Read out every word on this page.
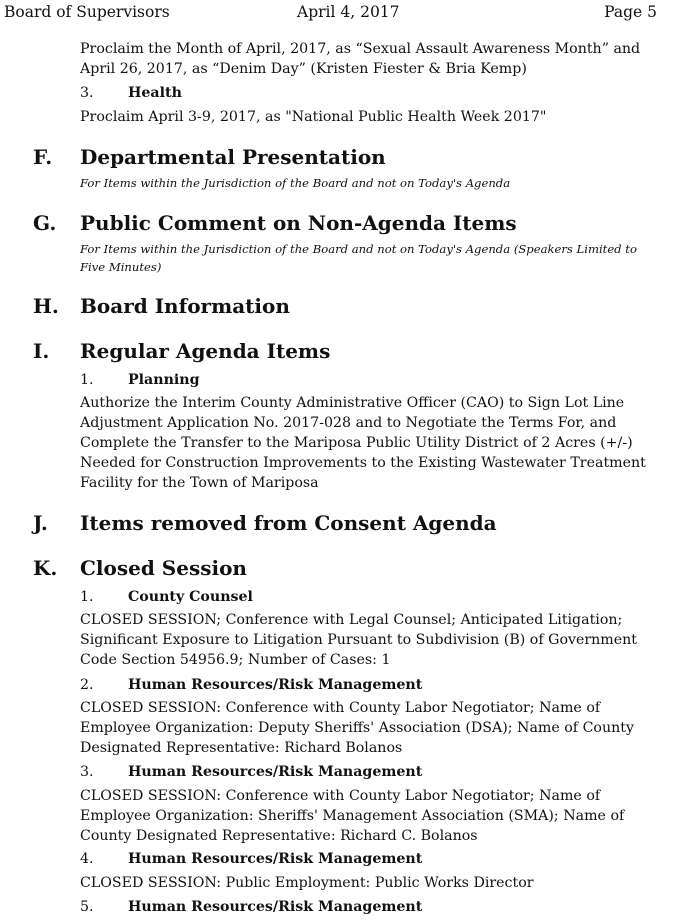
Board of Supervisors	April 4, 2017	Page 5
Proclaim the Month of April, 2017, as “Sexual Assault Awareness Month” and April 26, 2017, as “Denim Day” (Kristen Fiester & Bria Kemp)
3. Health
Proclaim April 3-9, 2017, as "National Public Health Week 2017"
F. Departmental Presentation
For Items within the Jurisdiction of the Board and not on Today's Agenda
G. Public Comment on Non-Agenda Items
For Items within the Jurisdiction of the Board and not on Today's Agenda (Speakers Limited to Five Minutes)
H. Board Information
I. Regular Agenda Items
1. Planning
Authorize the Interim County Administrative Officer (CAO) to Sign Lot Line Adjustment Application No. 2017-028 and to Negotiate the Terms For, and Complete the Transfer to the Mariposa Public Utility District of 2 Acres (+/-) Needed for Construction Improvements to the Existing Wastewater Treatment Facility for the Town of Mariposa
J. Items removed from Consent Agenda
K. Closed Session
1. County Counsel
CLOSED SESSION; Conference with Legal Counsel; Anticipated Litigation; Significant Exposure to Litigation Pursuant to Subdivision (B) of Government Code Section 54956.9; Number of Cases: 1
2. Human Resources/Risk Management
CLOSED SESSION: Conference with County Labor Negotiator; Name of Employee Organization: Deputy Sheriffs' Association (DSA); Name of County Designated Representative: Richard Bolanos
3. Human Resources/Risk Management
CLOSED SESSION: Conference with County Labor Negotiator; Name of Employee Organization: Sheriffs' Management Association (SMA); Name of County Designated Representative: Richard C. Bolanos
4. Human Resources/Risk Management
CLOSED SESSION: Public Employment: Public Works Director
5. Human Resources/Risk Management
